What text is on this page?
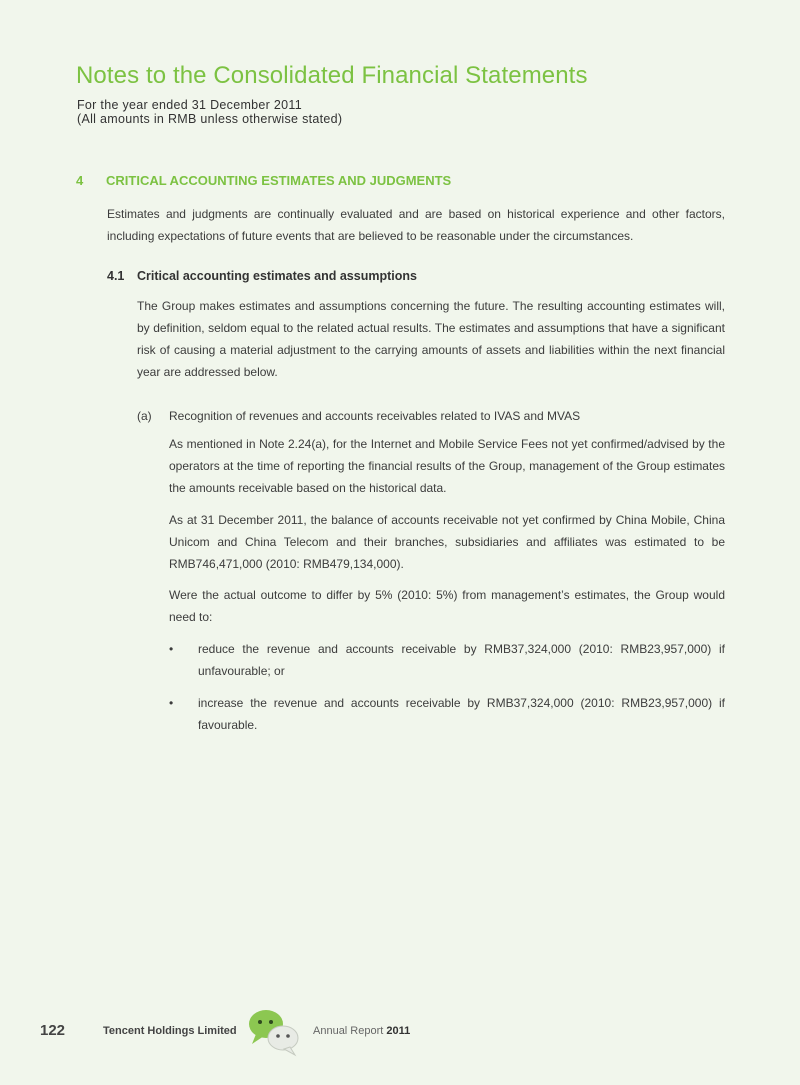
Notes to the Consolidated Financial Statements
For the year ended 31 December 2011
(All amounts in RMB unless otherwise stated)
4 CRITICAL ACCOUNTING ESTIMATES AND JUDGMENTS
Estimates and judgments are continually evaluated and are based on historical experience and other factors, including expectations of future events that are believed to be reasonable under the circumstances.
4.1 Critical accounting estimates and assumptions
The Group makes estimates and assumptions concerning the future. The resulting accounting estimates will, by definition, seldom equal to the related actual results. The estimates and assumptions that have a significant risk of causing a material adjustment to the carrying amounts of assets and liabilities within the next financial year are addressed below.
(a) Recognition of revenues and accounts receivables related to IVAS and MVAS
As mentioned in Note 2.24(a), for the Internet and Mobile Service Fees not yet confirmed/advised by the operators at the time of reporting the financial results of the Group, management of the Group estimates the amounts receivable based on the historical data.
As at 31 December 2011, the balance of accounts receivable not yet confirmed by China Mobile, China Unicom and China Telecom and their branches, subsidiaries and affiliates was estimated to be RMB746,471,000 (2010: RMB479,134,000).
Were the actual outcome to differ by 5% (2010: 5%) from management’s estimates, the Group would need to:
• reduce the revenue and accounts receivable by RMB37,324,000 (2010: RMB23,957,000) if unfavourable; or
• increase the revenue and accounts receivable by RMB37,324,000 (2010: RMB23,957,000) if favourable.
122	Tencent Holdings Limited	Annual Report 2011
